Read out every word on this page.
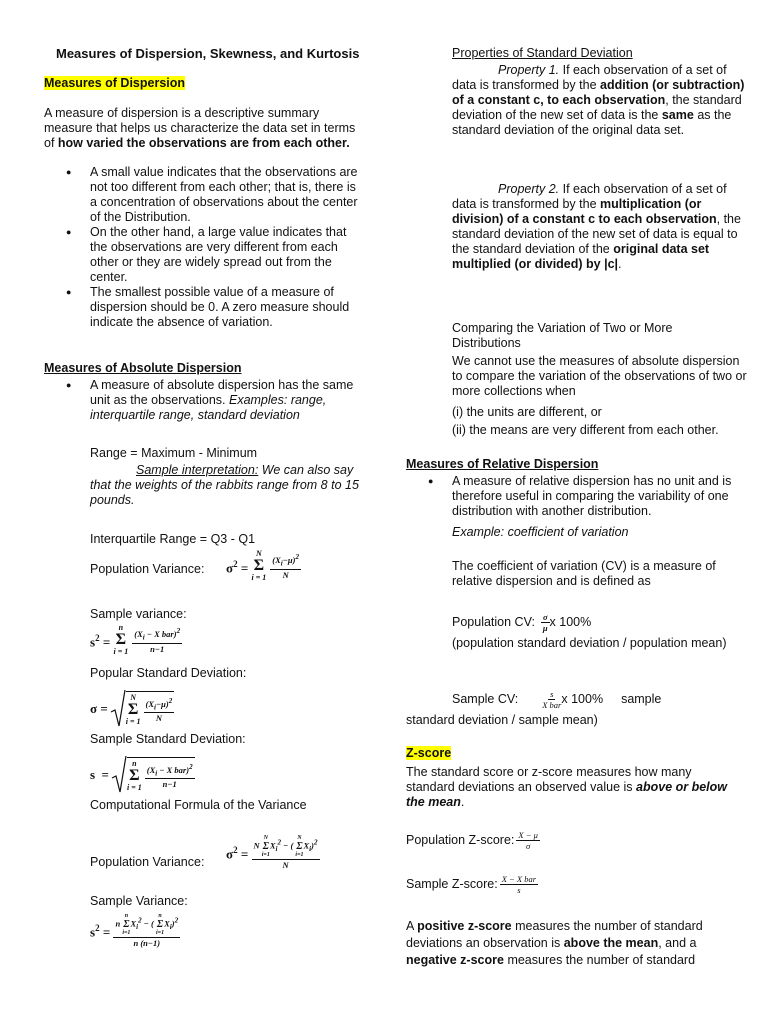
Measures of Dispersion, Skewness, and Kurtosis
Measures of Dispersion

A measure of dispersion is a descriptive summary measure that helps us characterize the data set in terms of how varied the observations are from each other.

● A small value indicates that the observations are not too different from each other; that is, there is a concentration of observations about the center of the Distribution.
● On the other hand, a large value indicates that the observations are very different from each other or they are widely spread out from the center.
● The smallest possible value of a measure of dispersion should be 0. A zero measure should indicate the absence of variation.
Measures of Absolute Dispersion
● A measure of absolute dispersion has the same unit as the observations. Examples: range, interquartile range, standard deviation
Range = Maximum - Minimum

Sample interpretation: We can also say that the weights of the rabbits range from 8 to 15 pounds.

Interquartile Range = Q3 - Q1
Population Variance: $\sigma^2$ =
N
Σ
$i = 1 \frac{(X_i-\mu)^2}{N}$
Sample variance:
$s^2$ =
n
Σ
$i = 1 \frac{(X_i - X bar)^2}{n-1}$
Popular Standard Deviation:
σ =
N
Σ
$i = 1 \frac{(X_i-\mu)^2}{N}$
Sample Standard Deviation:
s  =
n
Σ
$i = 1 \frac{(X_i - X bar)^2}{n-1}$
Computational Formula of the Variance
Population Variance:
$\sigma^2 = N$
N
Σ
i=1
$X_i^2$ − (
N
Σ
i=1
$X_i)^2$
N
Sample Variance:
$s^2 = n$
n
Σ
i=1
$X_i^2$ − (
n
Σ
i=1
$X_i)^2$
n (n−1)
Properties of Standard Deviation

Property 1. If each observation of a set of data is transformed by the addition (or subtraction) of a constant c, to each observation, the standard deviation of the new set of data is the same as the standard deviation of the original data set.

Property 2. If each observation of a set of data is transformed by the multiplication (or division) of a constant c to each observation, the standard deviation of the new set of data is equal to the standard deviation of the original data set multiplied (or divided) by |c|.

Comparing the Variation of Two or More Distributions

We cannot use the measures of absolute dispersion to compare the variation of the observations of two or more collections when

(i) the units are different, or

(ii) the means are very different from each other.

Measures of Relative Dispersion
● A measure of relative dispersion has no unit and is therefore useful in comparing the variability of one distribution with another distribution.
Example: coefficient of variation

The coefficient of variation (CV) is a measure of relative dispersion and is defined as

Population CV: $\frac{\sigma}{\mu}$ x 100%

(population standard deviation / population mean)

Sample CV:	$\frac{s}{\text{X bar}}$ x 100% sample

standard deviation / sample mean)

Z-score

The standard score or z-score measures how many standard deviations an observed value is above or below the mean.

Population Z-score: $\frac{X - \mu}{\sigma}$
Sample Z-score: $\frac{\text{X − X bar}}{s}$

A positive z-score measures the number of standard deviations an observation is above the mean, and a negative z-score measures the number of standard
